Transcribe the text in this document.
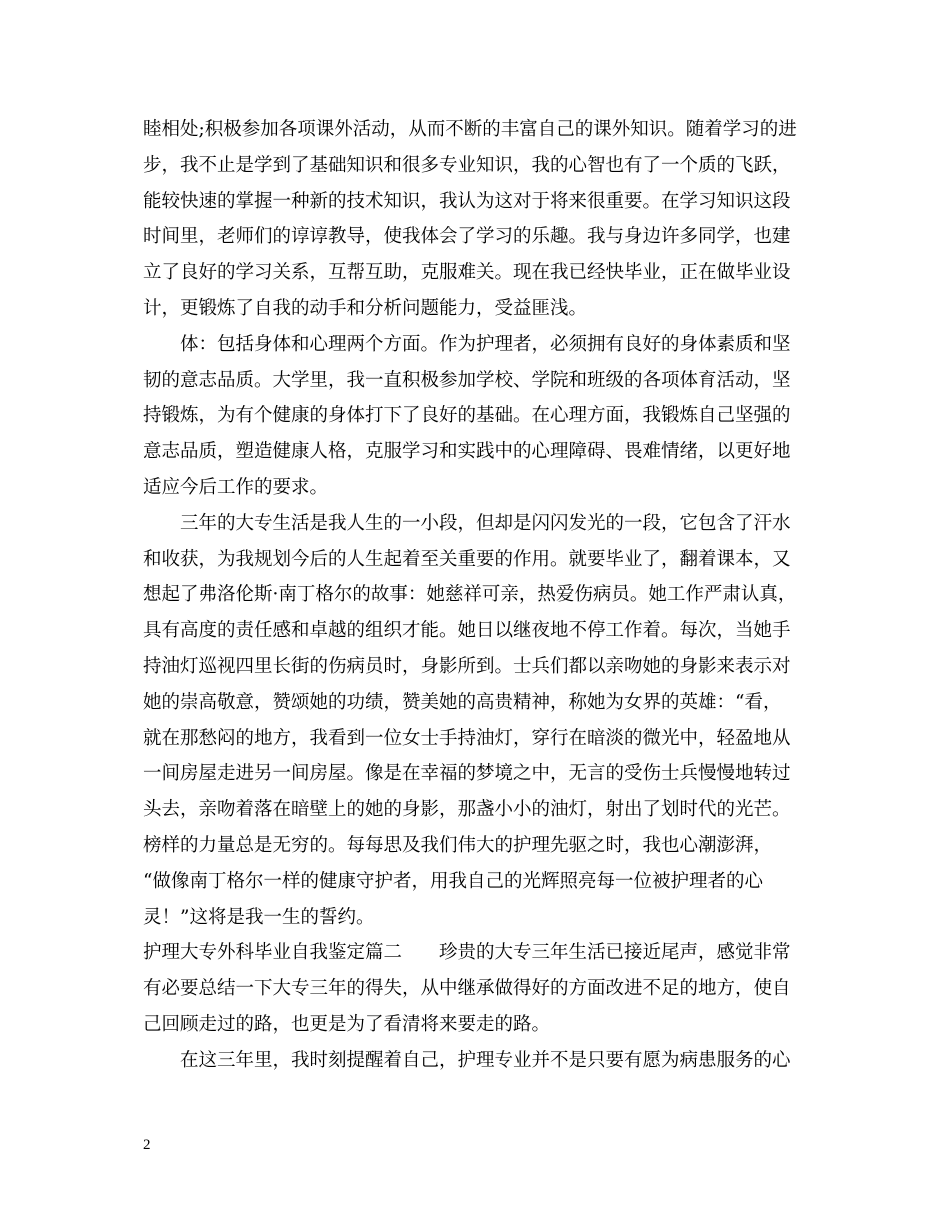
睦相处;积极参加各项课外活动，从而不断的丰富自己的课外知识。随着学习的进
步，我不止是学到了基础知识和很多专业知识，我的心智也有了一个质的飞跃，
能较快速的掌握一种新的技术知识，我认为这对于将来很重要。在学习知识这段
时间里，老师们的谆谆教导，使我体会了学习的乐趣。我与身边许多同学，也建
立了良好的学习关系，互帮互助，克服难关。现在我已经快毕业，正在做毕业设
计，更锻炼了自我的动手和分析问题能力，受益匪浅。
体：包括身体和心理两个方面。作为护理者，必须拥有良好的身体素质和坚
韧的意志品质。大学里，我一直积极参加学校、学院和班级的各项体育活动，坚
持锻炼，为有个健康的身体打下了良好的基础。在心理方面，我锻炼自己坚强的
意志品质，塑造健康人格，克服学习和实践中的心理障碍、畏难情绪，以更好地
适应今后工作的要求。
三年的大专生活是我人生的一小段，但却是闪闪发光的一段，它包含了汗水
和收获，为我规划今后的人生起着至关重要的作用。就要毕业了，翻着课本，又
想起了弗洛伦斯·南丁格尔的故事：她慈祥可亲，热爱伤病员。她工作严肃认真，
具有高度的责任感和卓越的组织才能。她日以继夜地不停工作着。每次，当她手
持油灯巡视四里长街的伤病员时，身影所到。士兵们都以亲吻她的身影来表示对
她的崇高敬意，赞颂她的功绩，赞美她的高贵精神，称她为女界的英雄：“看，
就在那愁闷的地方，我看到一位女士手持油灯，穿行在暗淡的微光中，轻盈地从
一间房屋走进另一间房屋。像是在幸福的梦境之中，无言的受伤士兵慢慢地转过
头去，亲吻着落在暗壁上的她的身影，那盏小小的油灯，射出了划时代的光芒。
榜样的力量总是无穷的。每每思及我们伟大的护理先驱之时，我也心潮澎湃，
“做像南丁格尔一样的健康守护者，用我自己的光辉照亮每一位被护理者的心
灵！”这将是我一生的誓约。
护理大专外科毕业自我鉴定篇二　　珍贵的大专三年生活已接近尾声，感觉非常
有必要总结一下大专三年的得失，从中继承做得好的方面改进不足的地方，使自
己回顾走过的路，也更是为了看清将来要走的路。
在这三年里，我时刻提醒着自己，护理专业并不是只要有愿为病患服务的心
2
